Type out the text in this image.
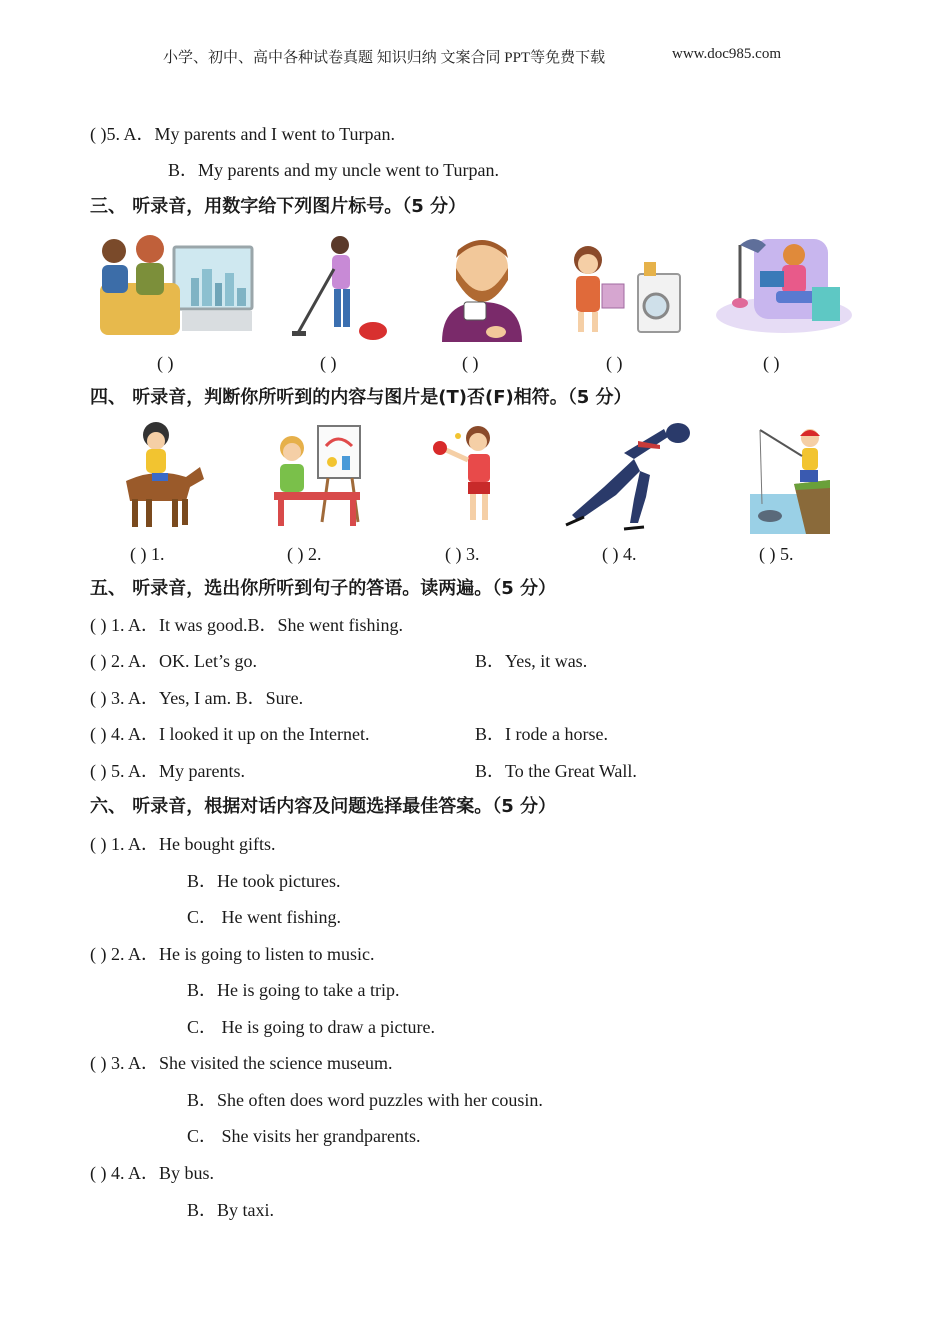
小学、初中、高中各种试卷真题 知识归纳 文案合同 PPT等免费下载	www.doc985.com
( )5. A．My parents and I went to Turpan.
B．My parents and my uncle went to Turpan.
三、 听录音，用数字给下列图片标号。（5 分）
( )	( )	( )	( )	( )
四、 听录音，判断你所听到的内容与图片是(T)否(F)相符。（5 分）
( ) 1.	( ) 2.	( ) 3.	( ) 4.	( ) 5.
五、 听录音，选出你所听到句子的答语。读两遍。（5 分）
( ) 1. A．It was good.B．She went fishing.
( ) 2. A．OK. Let’s go.	B．Yes, it was.
( ) 3. A．Yes, I am. B．Sure.
( ) 4. A．I looked it up on the Internet.	B．I rode a horse.
( ) 5. A．My parents.	B．To the Great Wall.
六、 听录音，根据对话内容及问题选择最佳答案。（5 分）
( ) 1. A．He bought gifts.
B．He took pictures.
C． He went fishing.
( ) 2. A．He is going to listen to music.
B．He is going to take a trip.
C． He is going to draw a picture.
( ) 3. A．She visited the science museum.
B．She often does word puzzles with her cousin.
C． She visits her grandparents.
( ) 4. A．By bus.
B．By taxi.
